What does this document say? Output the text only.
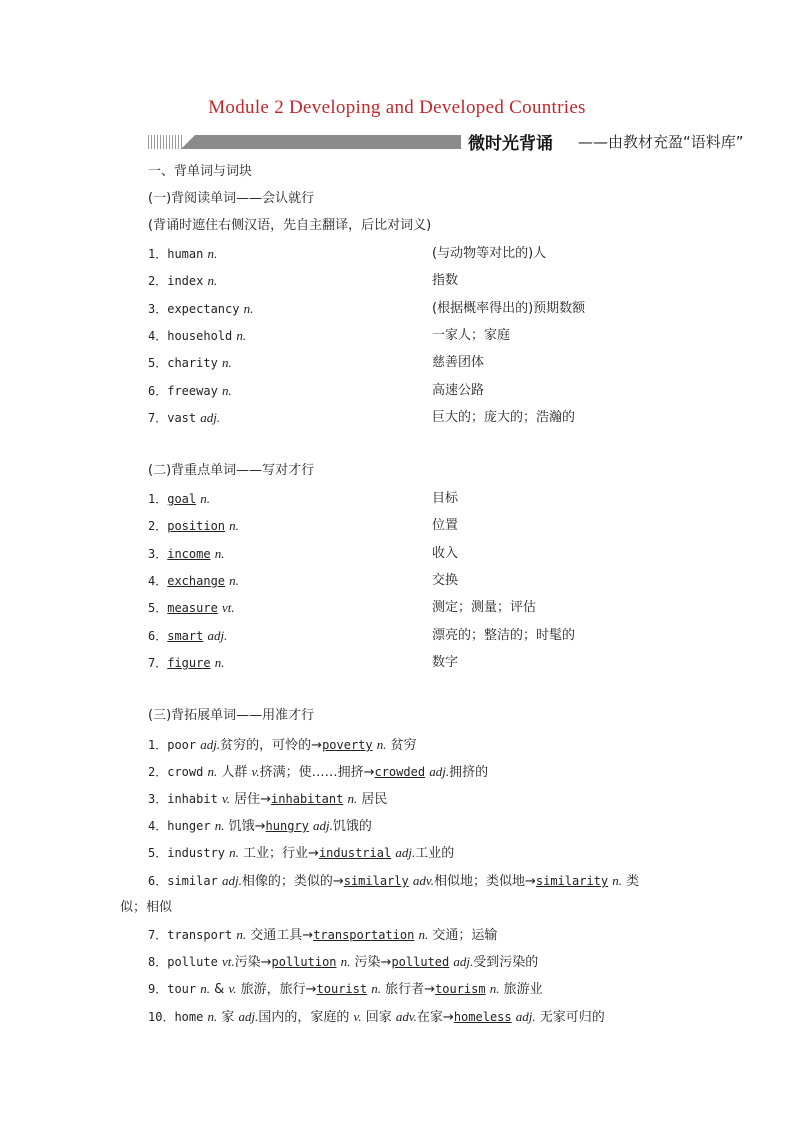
Module 2 Developing and Developed Countries
微时光背诵 ——由教材充盈“语料库”
一、背单词与词块
(一)背阅读单词——会认就行
(背诵时遮住右侧汉语，先自主翻译，后比对词义)
1．human n.	(与动物等对比的)人
2．index n.	指数
3．expectancy n.	(根据概率得出的)预期数额
4．household n.	一家人；家庭
5．charity n.	慈善团体
6．freeway n.	高速公路
7．vast adj.	巨大的；庞大的；浩瀚的
(二)背重点单词——写对才行
1．goal n.	目标
2．position n.	位置
3．income n.	收入
4．exchange n.	交换
5．measure vt.	测定；测量；评估
6．smart adj.	漂亮的；整洁的；时髦的
7．figure n.	数字
(三)背拓展单词——用准才行
1．poor adj.贫穷的，可怜的→poverty n. 贫穷
2．crowd n. 人群 v.挤满；使……拥挤→crowded adj.拥挤的
3．inhabit v. 居住→inhabitant n. 居民
4．hunger n. 饥饿→hungry adj.饥饿的
5．industry n. 工业；行业→industrial adj.工业的
6．similar adj.相像的；类似的→similarly adv.相似地；类似地→similarity n. 类
似；相似
7．transport n. 交通工具→transportation n. 交通；运输
8．pollute vt.污染→pollution n. 污染→polluted adj.受到污染的
9．tour n. & v. 旅游，旅行→tourist n. 旅行者→tourism n. 旅游业
10．home n. 家 adj.国内的，家庭的 v. 回家 adv.在家→homeless adj. 无家可归的
